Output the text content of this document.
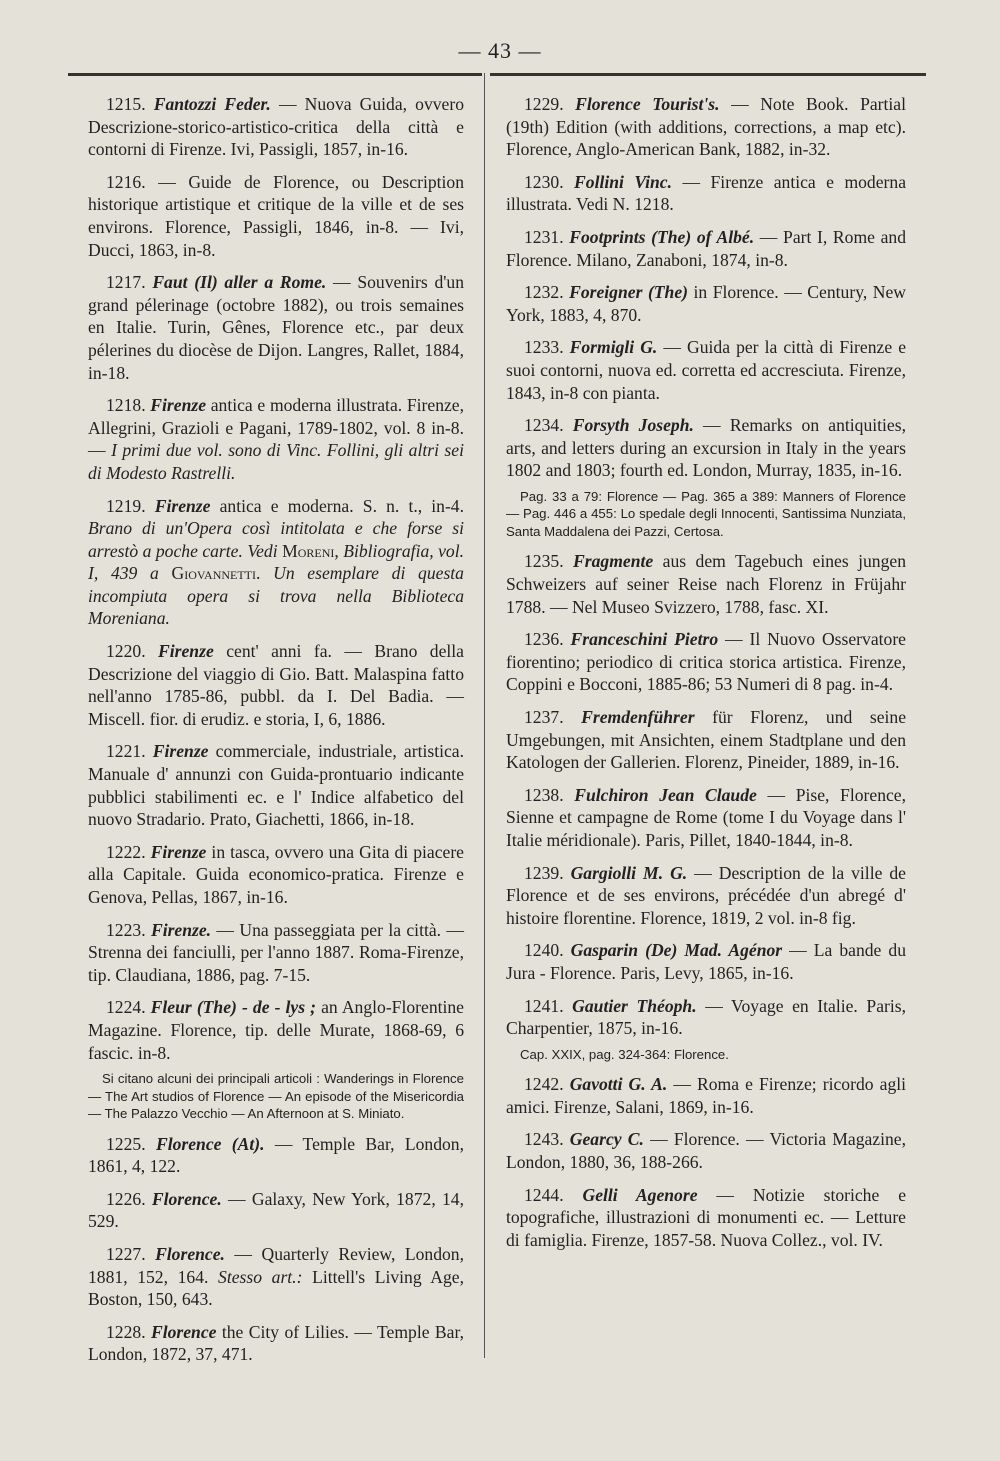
— 43 —

1215. Fantozzi Feder. — Nuova Guida, ovvero Descrizione-storico-artistico-critica della città e contorni di Firenze. Ivi, Passigli, 1857, in-16.

1216. — Guide de Florence, ou Description historique artistique et critique de la ville et de ses environs. Florence, Passigli, 1846, in-8. — Ivi, Ducci, 1863, in-8.

1217. Faut (Il) aller a Rome. — Souvenirs d'un grand pélerinage (octobre 1882), ou trois semaines en Italie. Turin, Gênes, Florence etc., par deux pélerines du diocèse de Dijon. Langres, Rallet, 1884, in-18.

1218. Firenze antica e moderna illustrata. Firenze, Allegrini, Grazioli e Pagani, 1789-1802, vol. 8 in-8. — I primi due vol. sono di Vinc. Follini, gli altri sei di Modesto Rastrelli.

1219. Firenze antica e moderna. S. n. t., in-4. Brano di un'Opera così intitolata e che forse si arrestò a poche carte. Vedi Moreni, Bibliografia, vol. I, 439 a Giovannetti. Un esemplare di questa incompiuta opera si trova nella Biblioteca Moreniana.

1220. Firenze cent' anni fa. — Brano della Descrizione del viaggio di Gio. Batt. Malaspina fatto nell'anno 1785-86, pubbl. da I. Del Badia. — Miscell. fior. di erudiz. e storia, I, 6, 1886.

1221. Firenze commerciale, industriale, artistica. Manuale d' annunzi con Guida-prontuario indicante pubblici stabilimenti ec. e l' Indice alfabetico del nuovo Stradario. Prato, Giachetti, 1866, in-18.

1222. Firenze in tasca, ovvero una Gita di piacere alla Capitale. Guida economico-pratica. Firenze e Genova, Pellas, 1867, in-16.

1223. Firenze. — Una passeggiata per la città. — Strenna dei fanciulli, per l'anno 1887. Roma-Firenze, tip. Claudiana, 1886, pag. 7-15.

1224. Fleur (The) - de - lys ; an Anglo-Florentine Magazine. Florence, tip. delle Murate, 1868-69, 6 fascic. in-8.

Si citano alcuni dei principali articoli : Wanderings in Florence — The Art studios of Florence — An episode of the Misericordia — The Palazzo Vecchio — An Afternoon at S. Miniato.

1225. Florence (At). — Temple Bar, London, 1861, 4, 122.

1226. Florence. — Galaxy, New York, 1872, 14, 529.

1227. Florence. — Quarterly Review, London, 1881, 152, 164. Stesso art.: Littell's Living Age, Boston, 150, 643.

1228. Florence the City of Lilies. — Temple Bar, London, 1872, 37, 471.

1229. Florence Tourist's. — Note Book. Partial (19th) Edition (with additions, corrections, a map etc). Florence, Anglo-American Bank, 1882, in-32.

1230. Follini Vinc. — Firenze antica e moderna illustrata. Vedi N. 1218.

1231. Footprints (The) of Albé. — Part I, Rome and Florence. Milano, Zanaboni, 1874, in-8.

1232. Foreigner (The) in Florence. — Century, New York, 1883, 4, 870.

1233. Formigli G. — Guida per la città di Firenze e suoi contorni, nuova ed. corretta ed accresciuta. Firenze, 1843, in-8 con pianta.

1234. Forsyth Joseph. — Remarks on antiquities, arts, and letters during an excursion in Italy in the years 1802 and 1803; fourth ed. London, Murray, 1835, in-16.

Pag. 33 a 79: Florence — Pag. 365 a 389: Manners of Florence — Pag. 446 a 455: Lo spedale degli Innocenti, Santissima Nunziata, Santa Maddalena dei Pazzi, Certosa.

1235. Fragmente aus dem Tagebuch eines jungen Schweizers auf seiner Reise nach Florenz in Früjahr 1788. — Nel Museo Svizzero, 1788, fasc. XI.

1236. Franceschini Pietro — Il Nuovo Osservatore fiorentino; periodico di critica storica artistica. Firenze, Coppini e Bocconi, 1885-86; 53 Numeri di 8 pag. in-4.

1237. Fremdenführer für Florenz, und seine Umgebungen, mit Ansichten, einem Stadtplane und den Katologen der Gallerien. Florenz, Pineider, 1889, in-16.

1238. Fulchiron Jean Claude — Pise, Florence, Sienne et campagne de Rome (tome I du Voyage dans l' Italie méridionale). Paris, Pillet, 1840-1844, in-8.

1239. Gargiolli M. G. — Description de la ville de Florence et de ses environs, précédée d'un abregé d' histoire florentine. Florence, 1819, 2 vol. in-8 fig.

1240. Gasparin (De) Mad. Agénor — La bande du Jura - Florence. Paris, Levy, 1865, in-16.

1241. Gautier Théoph. — Voyage en Italie. Paris, Charpentier, 1875, in-16.

Cap. XXIX, pag. 324-364: Florence.

1242. Gavotti G. A. — Roma e Firenze; ricordo agli amici. Firenze, Salani, 1869, in-16.

1243. Gearcy C. — Florence. — Victoria Magazine, London, 1880, 36, 188-266.

1244. Gelli Agenore — Notizie storiche e topografiche, illustrazioni di monumenti ec. — Letture di famiglia. Firenze, 1857-58. Nuova Collez., vol. IV.
